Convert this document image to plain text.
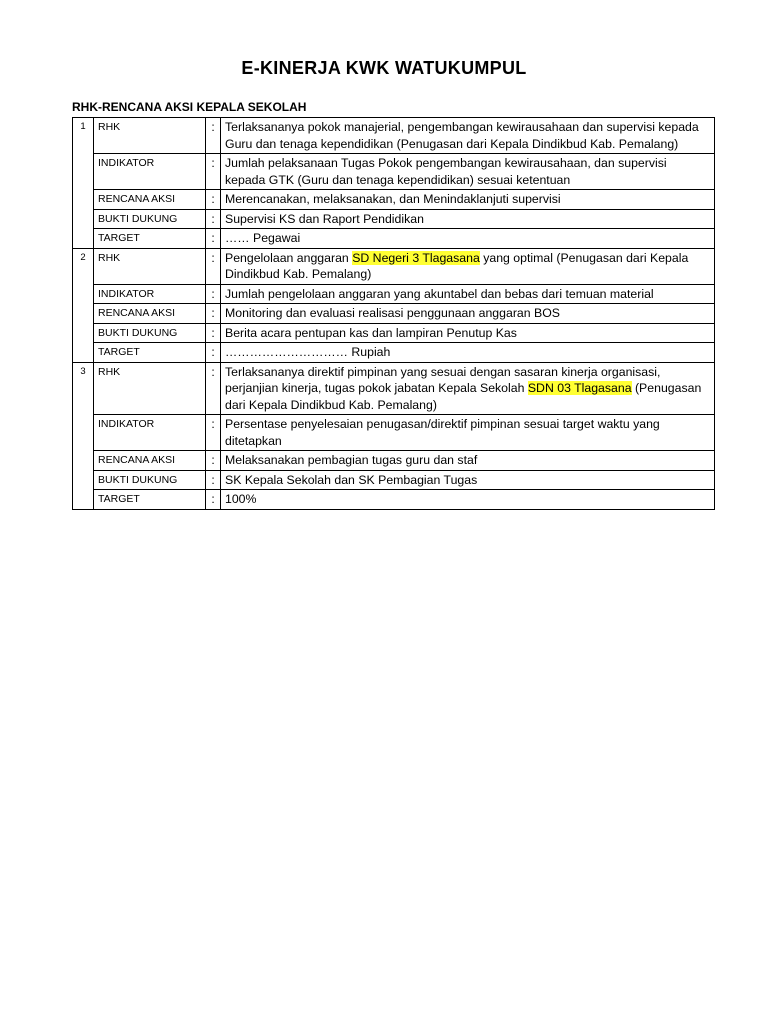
E-KINERJA KWK WATUKUMPUL
RHK-RENCANA AKSI KEPALA SEKOLAH
1	RHK	:	Terlaksananya pokok manajerial, pengembangan kewirausahaan dan supervisi kepada Guru dan tenaga kependidikan (Penugasan dari Kepala Dindikbud Kab. Pemalang)
	INDIKATOR	:	Jumlah pelaksanaan Tugas Pokok pengembangan kewirausahaan, dan supervisi kepada GTK (Guru dan tenaga kependidikan) sesuai ketentuan
	RENCANA AKSI	:	Merencanakan, melaksanakan, dan Menindaklanjuti supervisi
	BUKTI DUKUNG	:	Supervisi KS dan Raport Pendidikan
	TARGET	:	…… Pegawai
2	RHK	:	Pengelolaan anggaran SD Negeri 3 Tlagasana yang optimal (Penugasan dari Kepala Dindikbud Kab. Pemalang)
	INDIKATOR	:	Jumlah pengelolaan anggaran yang akuntabel dan bebas dari temuan material
	RENCANA AKSI	:	Monitoring dan evaluasi realisasi penggunaan anggaran BOS
	BUKTI DUKUNG	:	Berita acara pentupan kas dan lampiran Penutup Kas
	TARGET	:	………………………… Rupiah
3	RHK	:	Terlaksananya direktif pimpinan yang sesuai dengan sasaran kinerja organisasi, perjanjian kinerja, tugas pokok jabatan Kepala Sekolah SDN 03 Tlagasana (Penugasan dari Kepala Dindikbud Kab. Pemalang)
	INDIKATOR	:	Persentase penyelesaian penugasan/direktif pimpinan sesuai target waktu yang ditetapkan
	RENCANA AKSI	:	Melaksanakan pembagian tugas guru dan staf
	BUKTI DUKUNG	:	SK Kepala Sekolah dan SK Pembagian Tugas
	TARGET	:	100%
